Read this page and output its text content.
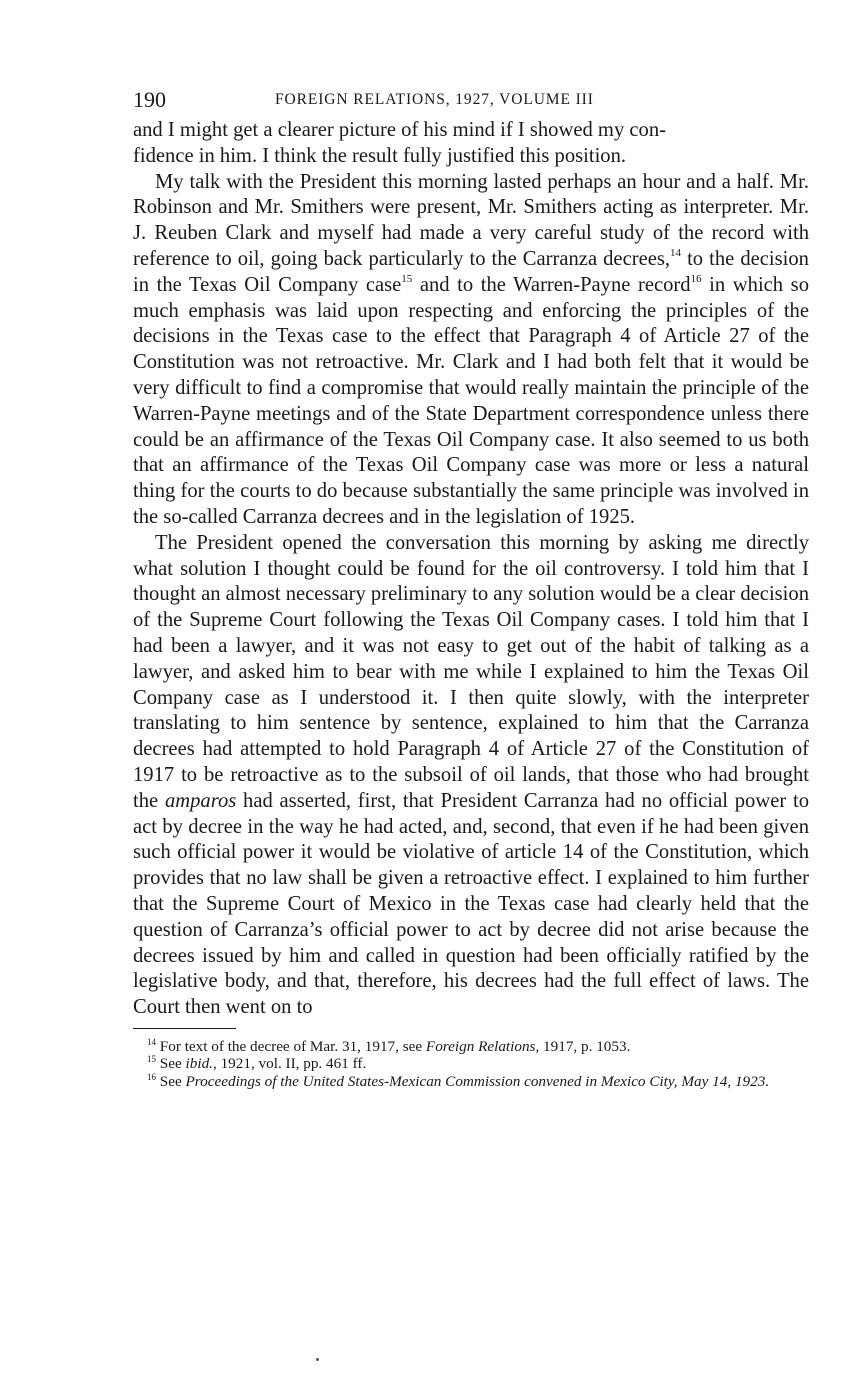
190	FOREIGN RELATIONS, 1927, VOLUME III

and I might get a clearer picture of his mind if I showed my con-
fidence in him. I think the result fully justified this position.

My talk with the President this morning lasted perhaps an hour and a half. Mr. Robinson and Mr. Smithers were present, Mr. Smithers acting as interpreter. Mr. J. Reuben Clark and myself had made a very careful study of the record with reference to oil, going back particularly to the Carranza decrees,$^{14}$ to the decision in the Texas Oil Company case$^{15}$ and to the Warren-Payne record$^{16}$ in which so much emphasis was laid upon respecting and enforcing the principles of the decisions in the Texas case to the effect that Paragraph 4 of Article 27 of the Constitution was not retroactive. Mr. Clark and I had both felt that it would be very difficult to find a compromise that would really maintain the principle of the Warren-Payne meetings and of the State Department correspondence unless there could be an affirmance of the Texas Oil Company case. It also seemed to us both that an affirmance of the Texas Oil Company case was more or less a natural thing for the courts to do because substantially the same principle was involved in the so-called Carranza decrees and in the legislation of 1925.

The President opened the conversation this morning by asking me directly what solution I thought could be found for the oil controversy. I told him that I thought an almost necessary preliminary to any solution would be a clear decision of the Supreme Court following the Texas Oil Company cases. I told him that I had been a lawyer, and it was not easy to get out of the habit of talking as a lawyer, and asked him to bear with me while I explained to him the Texas Oil Company case as I understood it. I then quite slowly, with the interpreter translating to him sentence by sentence, explained to him that the Carranza decrees had attempted to hold Paragraph 4 of Article 27 of the Constitution of 1917 to be retroactive as to the subsoil of oil lands, that those who had brought the amparos had asserted, first, that President Carranza had no official power to act by decree in the way he had acted, and, second, that even if he had been given such official power it would be violative of article 14 of the Constitution, which provides that no law shall be given a retroactive effect. I explained to him further that the Supreme Court of Mexico in the Texas case had clearly held that the question of Carranza’s official power to act by decree did not arise because the decrees issued by him and called in question had been officially ratified by the legislative body, and that, therefore, his decrees had the full effect of laws. The Court then went on to

$^{14}$ For text of the decree of Mar. 31, 1917, see Foreign Relations, 1917, p. 1053.

$^{15}$ See ibid., 1921, vol. II, pp. 461 ff.

$^{16}$ See Proceedings of the United States-Mexican Commission convened in Mexico City, May 14, 1923.
